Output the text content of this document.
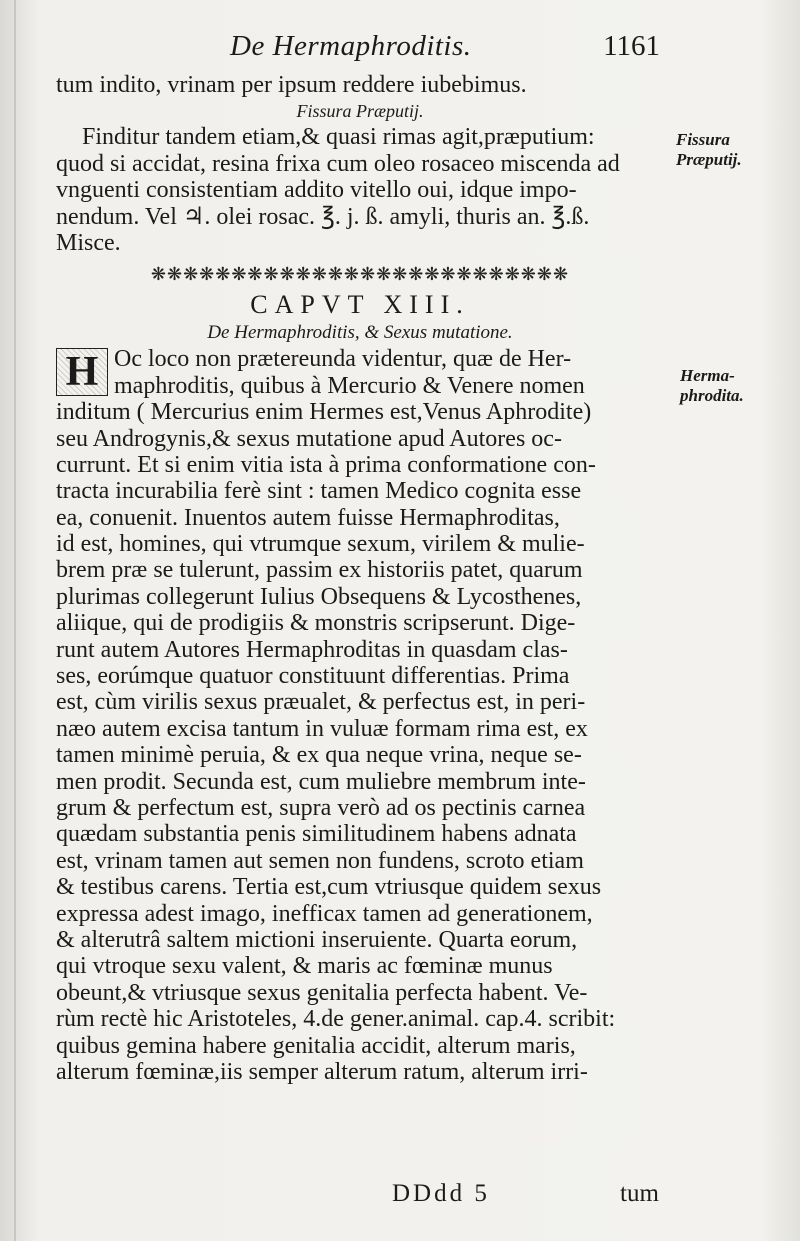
De Hermaphroditis.	1161
tum indito, vrinam per ipsum reddere iubebimus.
Fissura Præputij.
Finditur tandem etiam,& quasi rimas agit,præputium:
quod si accidat, resina frixa cum oleo rosaceo miscenda ad
vnguenti consistentiam addito vitello oui, idque impo-
nendum. Vel ♃. olei rosac. ℥. j. ß. amyli, thuris an. ℥.ß.
Misce.
❋❋❋❋❋❋❋❋❋❋❋❋❋❋❋❋❋❋❋❋❋❋❋❋❋❋
CAPVT XIII.
De Hermaphroditis, & Sexus mutatione.
H Oc loco non prætereunda videntur, quæ de Her-
maphroditis, quibus à Mercurio & Venere nomen
inditum ( Mercurius enim Hermes est,Venus Aphrodite)
seu Androgynis,& sexus mutatione apud Autores oc-
currunt. Et si enim vitia ista à prima conformatione con-
tracta incurabilia ferè sint : tamen Medico cognita esse
ea, conuenit. Inuentos autem fuisse Hermaphroditas,
id est, homines, qui vtrumque sexum, virilem & mulie-
brem præ se tulerunt, passim ex historiis patet, quarum
plurimas collegerunt Iulius Obsequens & Lycosthenes,
aliique, qui de prodigiis & monstris scripserunt. Dige-
runt autem Autores Hermaphroditas in quasdam clas-
ses, eorúmque quatuor constituunt differentias. Prima
est, cùm virilis sexus præualet, & perfectus est, in peri-
næo autem excisa tantum in vuluæ formam rima est, ex
tamen minimè peruia, & ex qua neque vrina, neque se-
men prodit. Secunda est, cum muliebre membrum inte-
grum & perfectum est, supra verò ad os pectinis carnea
quædam substantia penis similitudinem habens adnata
est, vrinam tamen aut semen non fundens, scroto etiam
& testibus carens. Tertia est,cum vtriusque quidem sexus
expressa adest imago, inefficax tamen ad generationem,
& alterutrâ saltem mictioni inseruiente. Quarta eorum,
qui vtroque sexu valent, & maris ac fœminæ munus
obeunt,& vtriusque sexus genitalia perfecta habent. Ve-
rùm rectè hic Aristoteles, 4.de gener.animal. cap.4. scribit:
quibus gemina habere genitalia accidit, alterum maris,
alterum fœminæ,iis semper alterum ratum, alterum irri-
Fissura
Præputij.
Herma-
phrodita.
DDdd 5	tum
